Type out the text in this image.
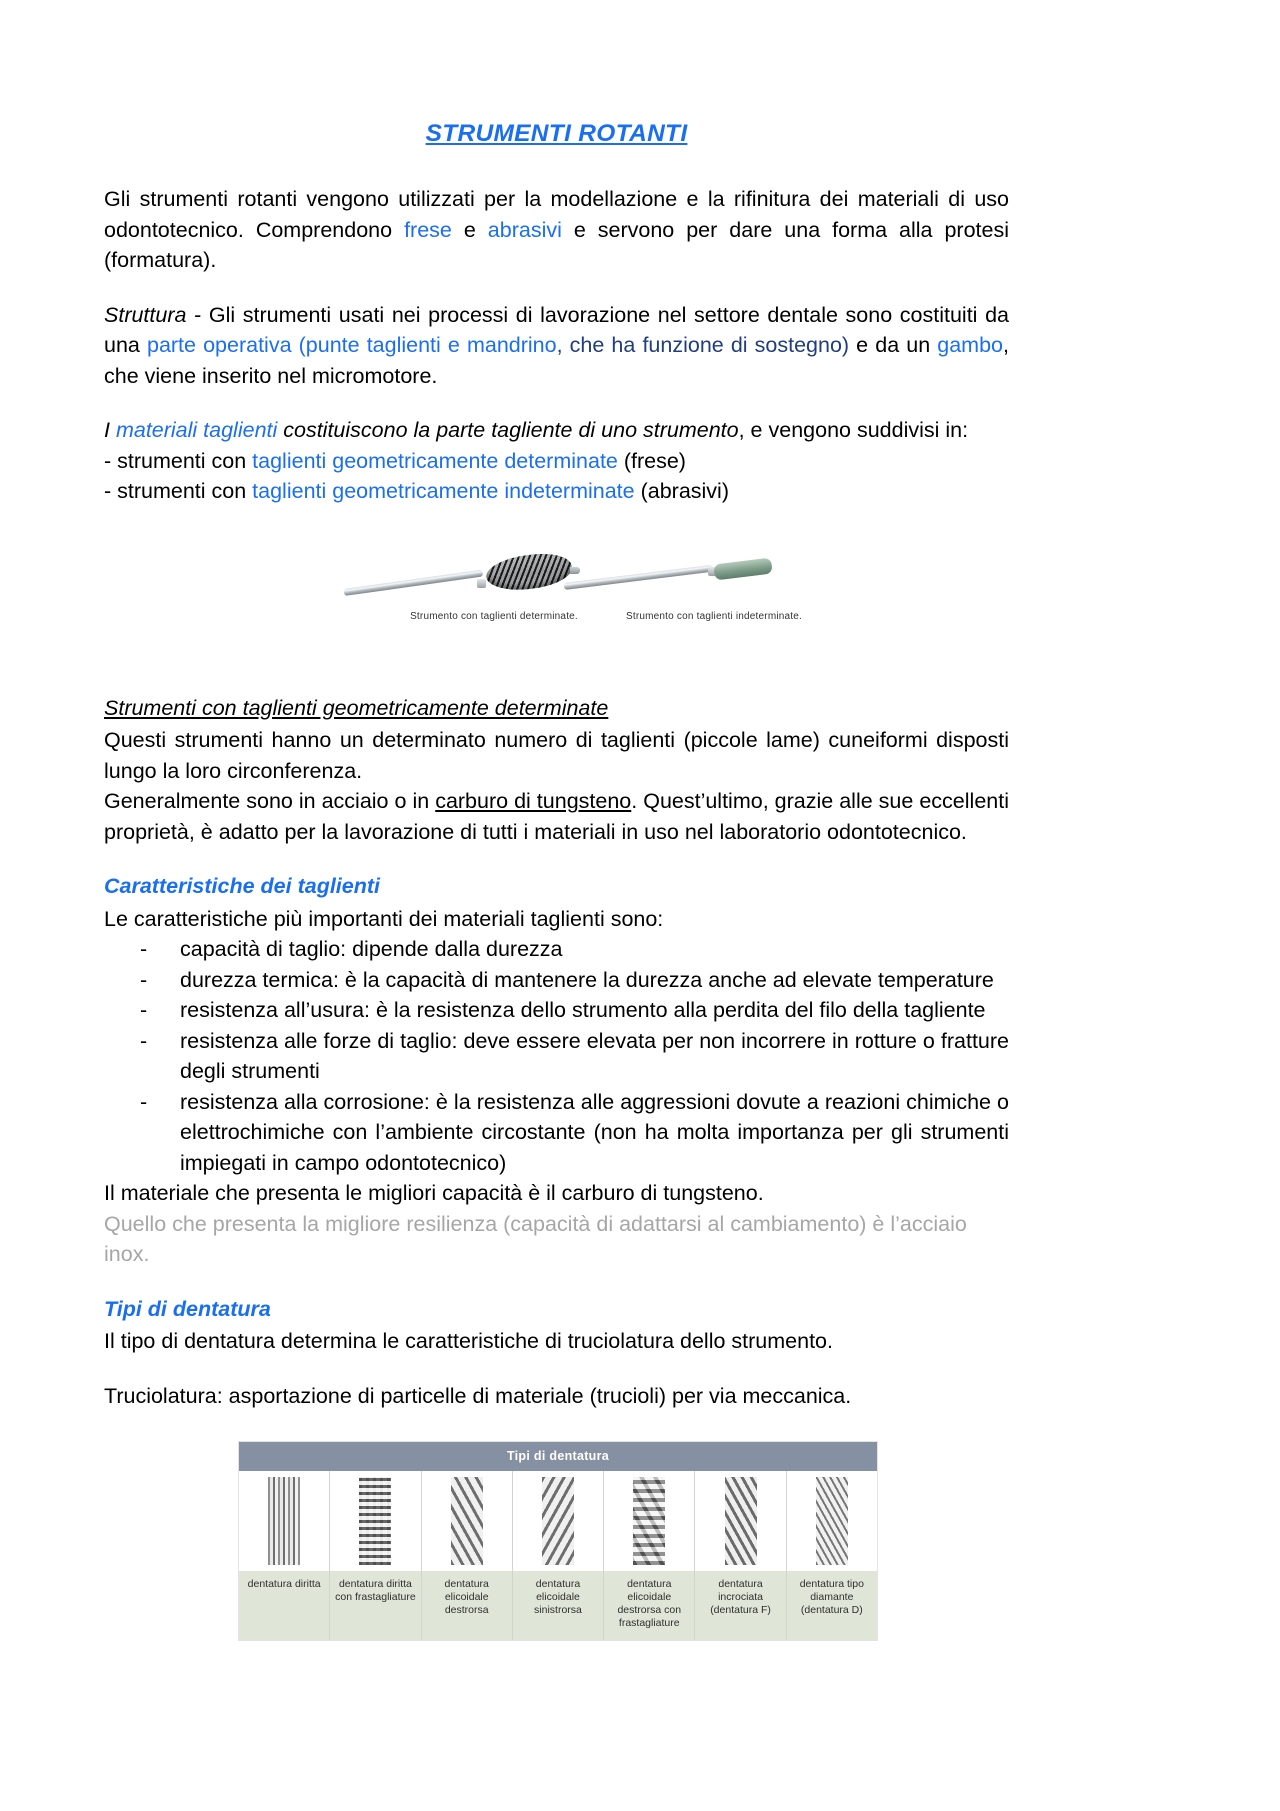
STRUMENTI ROTANTI

Gli strumenti rotanti vengono utilizzati per la modellazione e la rifinitura dei materiali di uso odontotecnico. Comprendono frese e abrasivi e servono per dare una forma alla protesi (formatura).

Struttura - Gli strumenti usati nei processi di lavorazione nel settore dentale sono costituiti da una parte operativa (punte taglienti e mandrino, che ha funzione di sostegno) e da un gambo, che viene inserito nel micromotore.

I materiali taglienti costituiscono la parte tagliente di uno strumento, e vengono suddivisi in:

- strumenti con taglienti geometricamente determinate (frese)

- strumenti con taglienti geometricamente indeterminate (abrasivi)

Strumento con taglienti determinate.	Strumento con taglienti indeterminate.
Strumenti con taglienti geometricamente determinate

Questi strumenti hanno un determinato numero di taglienti (piccole lame) cuneiformi disposti lungo la loro circonferenza.

Generalmente sono in acciaio o in carburo di tungsteno. Quest’ultimo, grazie alle sue eccellenti proprietà, è adatto per la lavorazione di tutti i materiali in uso nel laboratorio odontotecnico.

Caratteristiche dei taglienti

Le caratteristiche più importanti dei materiali taglienti sono:

- capacità di taglio: dipende dalla durezza
- durezza termica: è la capacità di mantenere la durezza anche ad elevate temperature
- resistenza all’usura: è la resistenza dello strumento alla perdita del filo della tagliente
- resistenza alle forze di taglio: deve essere elevata per non incorrere in rotture o fratture degli strumenti
- resistenza alla corrosione: è la resistenza alle aggressioni dovute a reazioni chimiche o elettrochimiche con l’ambiente circostante (non ha molta importanza per gli strumenti impiegati in campo odontotecnico)

Il materiale che presenta le migliori capacità è il carburo di tungsteno.

Quello che presenta la migliore resilienza (capacità di adattarsi al cambiamento) è l’acciaio inox.

Tipi di dentatura

Il tipo di dentatura determina le caratteristiche di truciolatura dello strumento.

Truciolatura: asportazione di particelle di materiale (trucioli) per via meccanica.

Tipi di dentatura
dentatura diritta	dentatura diritta con frastagliature
dentatura elicoidale destrorsa
dentatura elicoidale sinistrorsa
dentatura elicoidale destrorsa con frastagliature
dentatura incrociata (dentatura F)
dentatura tipo diamante (dentatura D)
